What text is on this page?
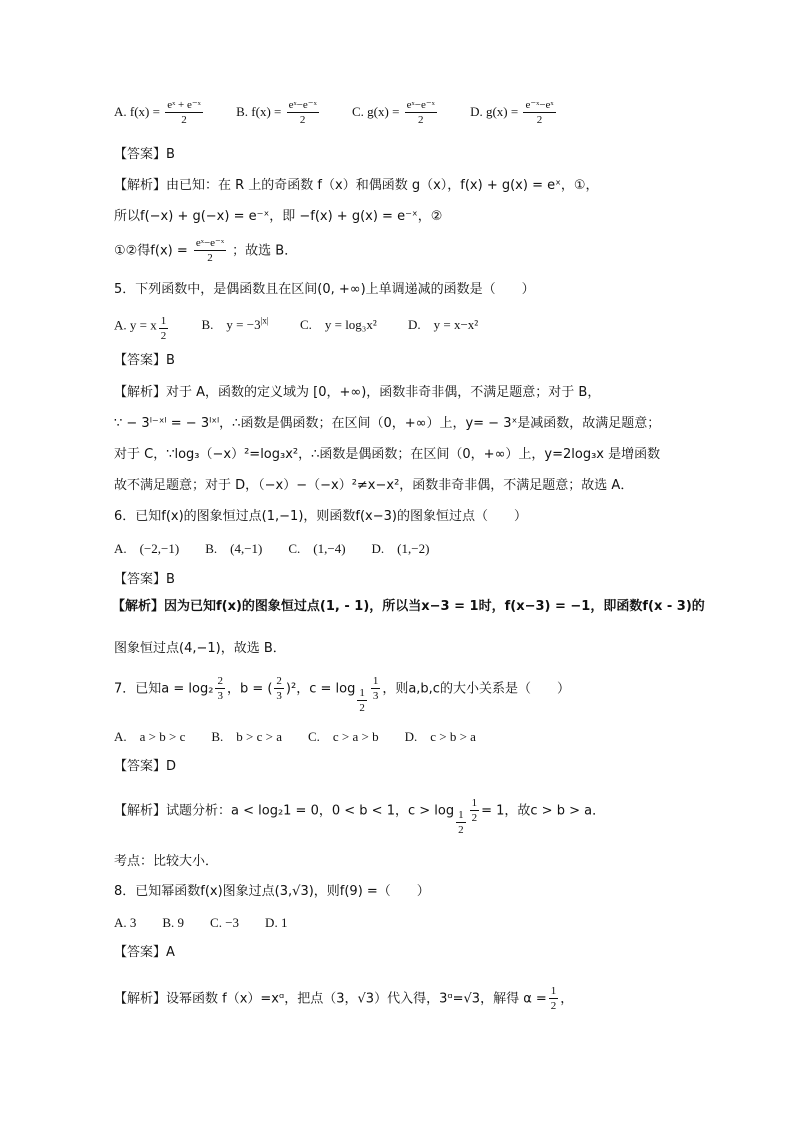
A. $f(x) = \frac{\text{eˣ + e⁻ˣ}}{2}$	B. $f(x) = \frac{\text{eˣ−e⁻ˣ}}{2}$	C. $g(x) = \frac{\text{eˣ−e⁻ˣ}}{2}$	D. $g(x) = \frac{\text{e⁻ˣ−eˣ}}{2}$
【答案】B
【解析】由已知：在 R 上的奇函数 f（x）和偶函数 g（x），f(x) + g(x) = eˣ，①，
所以f(−x) + g(−x) = e⁻ˣ，即 −f(x) + g(x) = e⁻ˣ，②
①②得$f(x) = \frac{\text{eˣ−e⁻ˣ}}{2}$ ；故选 B．
5．下列函数中，是偶函数且在区间(0, +∞)上单调递减的函数是（　　）
A. y = x $\frac{1}{2}$	B.　$y = -3^{|x|}$ C.　y = log₃x² D.　y = x−x²
【答案】B
【解析】对于 A，函数的定义域为 [0，+∞)，函数非奇非偶，不满足题意；对于 B，
∵ − 3ˡ⁻ˣˡ = − 3ˡˣˡ，∴函数是偶函数；在区间（0，+∞）上，y= − 3ˣ是减函数，故满足题意；
对于 C，∵log₃（−x）²=log₃x²，∴函数是偶函数；在区间（0，+∞）上，y=2log₃x 是增函数
故不满足题意；对于 D，（−x）−（−x）²≠x−x²，函数非奇非偶，不满足题意；故选 A．
6．已知f(x)的图象恒过点(1,−1)，则函数f(x−3)的图象恒过点（　　）
A.　(−2,−1)　　B.　(4,−1)　　C.　(1,−4)　　D.　(1,−2)
【答案】B
【解析】因为已知f(x)的图象恒过点(1, - 1)，所以当x−3 = 1时，f(x−3) = −1，即函数f(x - 3)的
图象恒过点(4,−1)，故选 B．
7．已知$a = \log_2 \frac{2}{3}$ ，b = ( $\frac{2}{3} )^2$，$c = \log \frac{1}{2} \frac{1}{3}$ ，则a,b,c的大小关系是（　　）
A.　a > b > c　　B.　b > c > a　　C.　c > a > b　　D.　c > b > a
【答案】D
【解析】试题分析：a < log₂1 = 0，0 < b < 1，$c > \log \frac{1}{2} \frac{1}{2} = 1$，故c > b > a．
考点：比较大小．
8．已知幂函数f(x)图象过点(3,√3)，则f(9) =（　　）
A. 3　　B. 9　　C. −3　　D. 1
【答案】A
【解析】设幂函数 f（x）=xᵅ，把点（3，√3）代入得，3ᵅ=√3，解得 $\alpha = \frac{1}{2}$ ，
